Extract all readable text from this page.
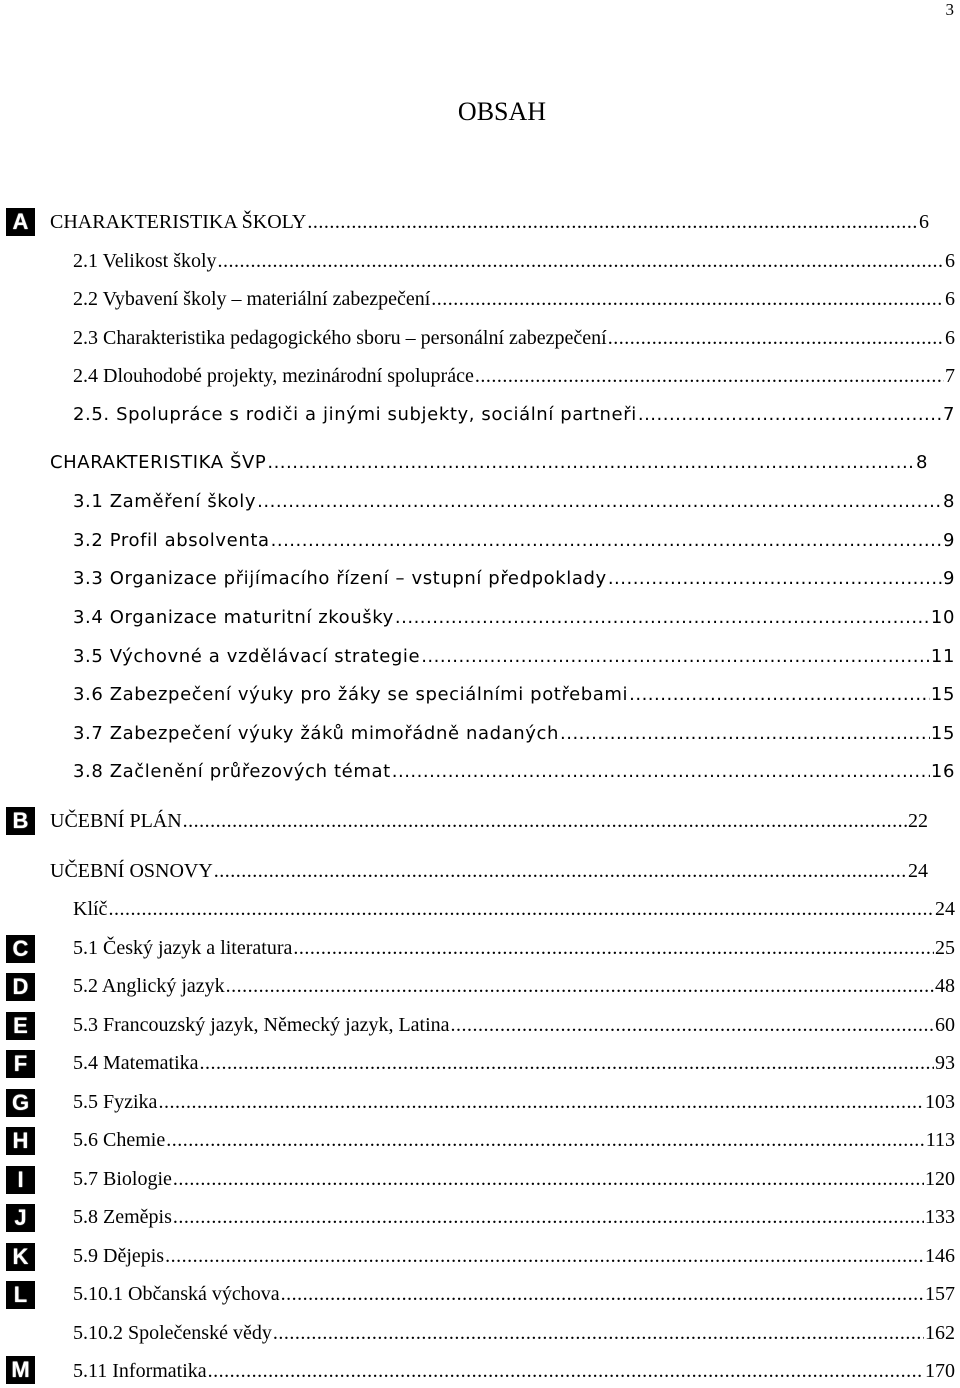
3
OBSAH
A
B
C
D
E
F
G
H
I
J
K
L
M
CHARAKTERISTIKA ŠKOLY .....	6
2.1 Velikost školy .....	6
2.2 Vybavení školy – materiální zabezpečení .....	6
2.3 Charakteristika pedagogického sboru – personální zabezpečení .....	6
2.4 Dlouhodobé projekty, mezinárodní spolupráce .....	7
2.5. Spolupráce s rodiči a jinými subjekty, sociální partneři .....	7
CHARAKTERISTIKA ŠVP .....	8
3.1 Zaměření školy .....	8
3.2 Profil absolventa .....	9
3.3 Organizace přijímacího řízení – vstupní předpoklady .....	9
3.4 Organizace maturitní zkoušky .....	10
3.5 Výchovné a vzdělávací strategie .....	11
3.6 Zabezpečení výuky pro žáky se speciálními potřebami .....	15
3.7 Zabezpečení výuky žáků mimořádně nadaných .....	15
3.8 Začlenění průřezových témat .....	16
UČEBNÍ PLÁN .....	22
UČEBNÍ OSNOVY .....	24
Klíč .....	24
5.1 Český jazyk a literatura .....	25
5.2 Anglický jazyk .....	48
5.3 Francouzský jazyk, Německý jazyk, Latina .....	60
5.4 Matematika .....	93
5.5 Fyzika .....	103
5.6 Chemie .....	113
5.7 Biologie .....	120
5.8 Zeměpis .....	133
5.9 Dějepis .....	146
5.10.1 Občanská výchova .....	157
5.10.2 Společenské vědy .....	162
5.11 Informatika .....	170
